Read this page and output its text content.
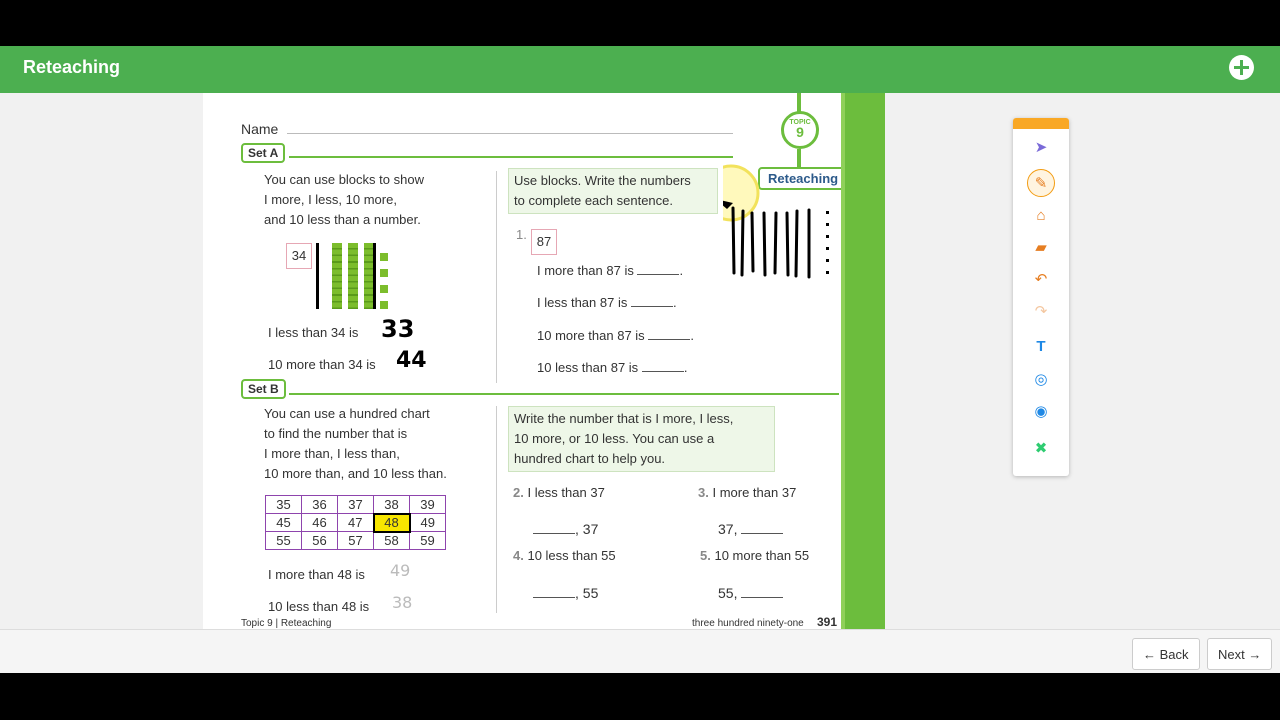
Reteaching
Name	TOPIC
9
Reteaching
Set A
You can use blocks to show
I more, I less, 10 more,
and 10 less than a number.
34
I less than 34 is 33
10 more than 34 is 44
Use blocks. Write the numbers
to complete each sentence.
1. 87
I more than 87 is	.
I less than 87 is	.
10 more than 87 is	.
10 less than 87 is	.
Set B
You can use a hundred chart
to find the number that is
I more than, I less than,
10 more than, and 10 less than.
35	36	37	38	39
45	46	47	48	49
55	56	57	58	59
I more than 48 is 49
10 less than 48 is 38
Write the number that is I more, I less,
10 more, or 10 less. You can use a
hundred chart to help you.
2. I less than 37
, 37
3. I more than 37
37,
4. 10 less than 55
, 55
5. 10 more than 55
55,
Topic 9 | Reteaching	three hundred ninety-one 391
➤
✎
⌂
▰
↶
↷
T
◎
◉
✖
← Back	Next →
